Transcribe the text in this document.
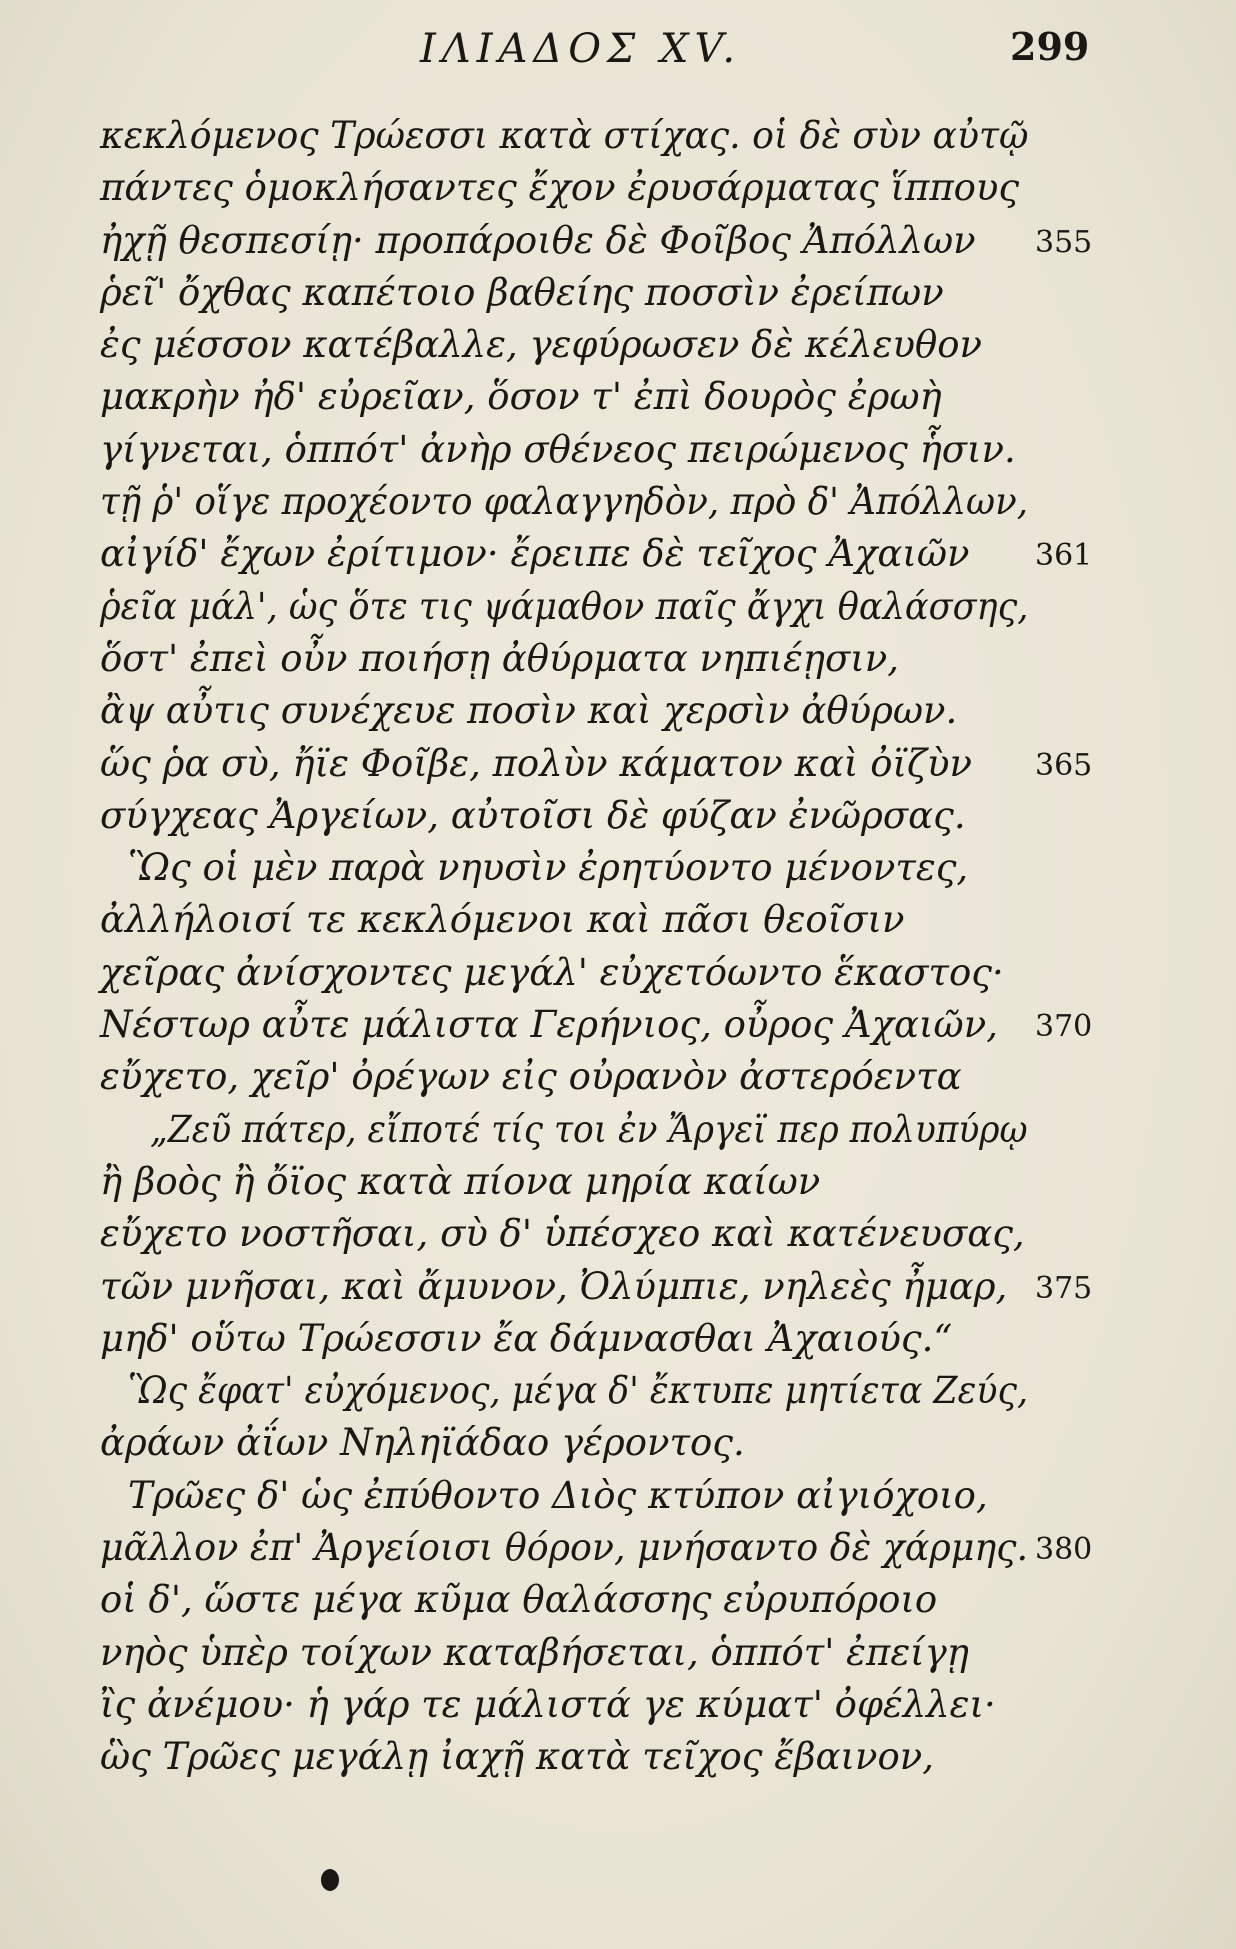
ΙΛΙΑΔΟΣ XV.	299
κεκλόμενος Τρώεσσι κατὰ στίχας. οἱ δὲ σὺν αὐτῷ
πάντες ὁμοκλήσαντες ἔχον ἐρυσάρματας ἵππους
ἠχῇ θεσπεσίῃ· προπάροιθε δὲ Φοῖβος Ἀπόλλων 355
ῥεῖ' ὄχθας καπέτοιο βαθείης ποσσὶν ἐρείπων
ἐς μέσσον κατέβαλλε, γεφύρωσεν δὲ κέλευθον
μακρὴν ἠδ' εὐρεῖαν, ὅσον τ' ἐπὶ δουρὸς ἐρωὴ
γίγνεται, ὁππότ' ἀνὴρ σθένεος πειρώμενος ἧσιν.
τῇ ῥ' οἵγε προχέοντο φαλαγγηδὸν, πρὸ δ' Ἀπόλλων,
αἰγίδ' ἔχων ἐρίτιμον· ἔρειπε δὲ τεῖχος Ἀχαιῶν 361
ῥεῖα μάλ', ὡς ὅτε τις ψάμαθον παῖς ἄγχι θαλάσσης,
ὅστ' ἐπεὶ οὖν ποιήσῃ ἀθύρματα νηπιέῃσιν,
ἂψ αὖτις συνέχευε ποσὶν καὶ χερσὶν ἀθύρων.
ὥς ῥα σὺ, ἤϊε Φοῖβε, πολὺν κάματον καὶ ὀϊζὺν 365
σύγχεας Ἀργείων, αὐτοῖσι δὲ φύζαν ἐνῶρσας.
Ὣς οἱ μὲν παρὰ νηυσὶν ἐρητύοντο μένοντες,
ἀλλήλοισί τε κεκλόμενοι καὶ πᾶσι θεοῖσιν
χεῖρας ἀνίσχοντες μεγάλ' εὐχετόωντο ἕκαστος·
Νέστωρ αὖτε μάλιστα Γερήνιος, οὖρος Ἀχαιῶν, 370
εὔχετο, χεῖρ' ὀρέγων εἰς οὐρανὸν ἀστερόεντα
„Ζεῦ πάτερ, εἴποτέ τίς τοι ἐν Ἄργεϊ περ πολυπύρῳ
ἢ βοὸς ἢ ὄϊος κατὰ πίονα μηρία καίων
εὔχετο νοστῆσαι, σὺ δ' ὑπέσχεο καὶ κατένευσας,
τῶν μνῆσαι, καὶ ἄμυνον, Ὀλύμπιε, νηλεὲς ἦμαρ, 375
μηδ' οὕτω Τρώεσσιν ἔα δάμνασθαι Ἀχαιούς.“
Ὣς ἔφατ' εὐχόμενος, μέγα δ' ἔκτυπε μητίετα Ζεύς,
ἀράων ἀΐων Νηληϊάδαο γέροντος.
Τρῶες δ' ὡς ἐπύθοντο Διὸς κτύπον αἰγιόχοιο,
μᾶλλον ἐπ' Ἀργείοισι θόρον, μνήσαντο δὲ χάρμης. 380
οἱ δ', ὥστε μέγα κῦμα θαλάσσης εὐρυπόροιο
νηὸς ὑπὲρ τοίχων καταβήσεται, ὁππότ' ἐπείγῃ
ἲς ἀνέμου· ἡ γάρ τε μάλιστά γε κύματ' ὀφέλλει·
ὣς Τρῶες μεγάλῃ ἰαχῇ κατὰ τεῖχος ἔβαινον,
